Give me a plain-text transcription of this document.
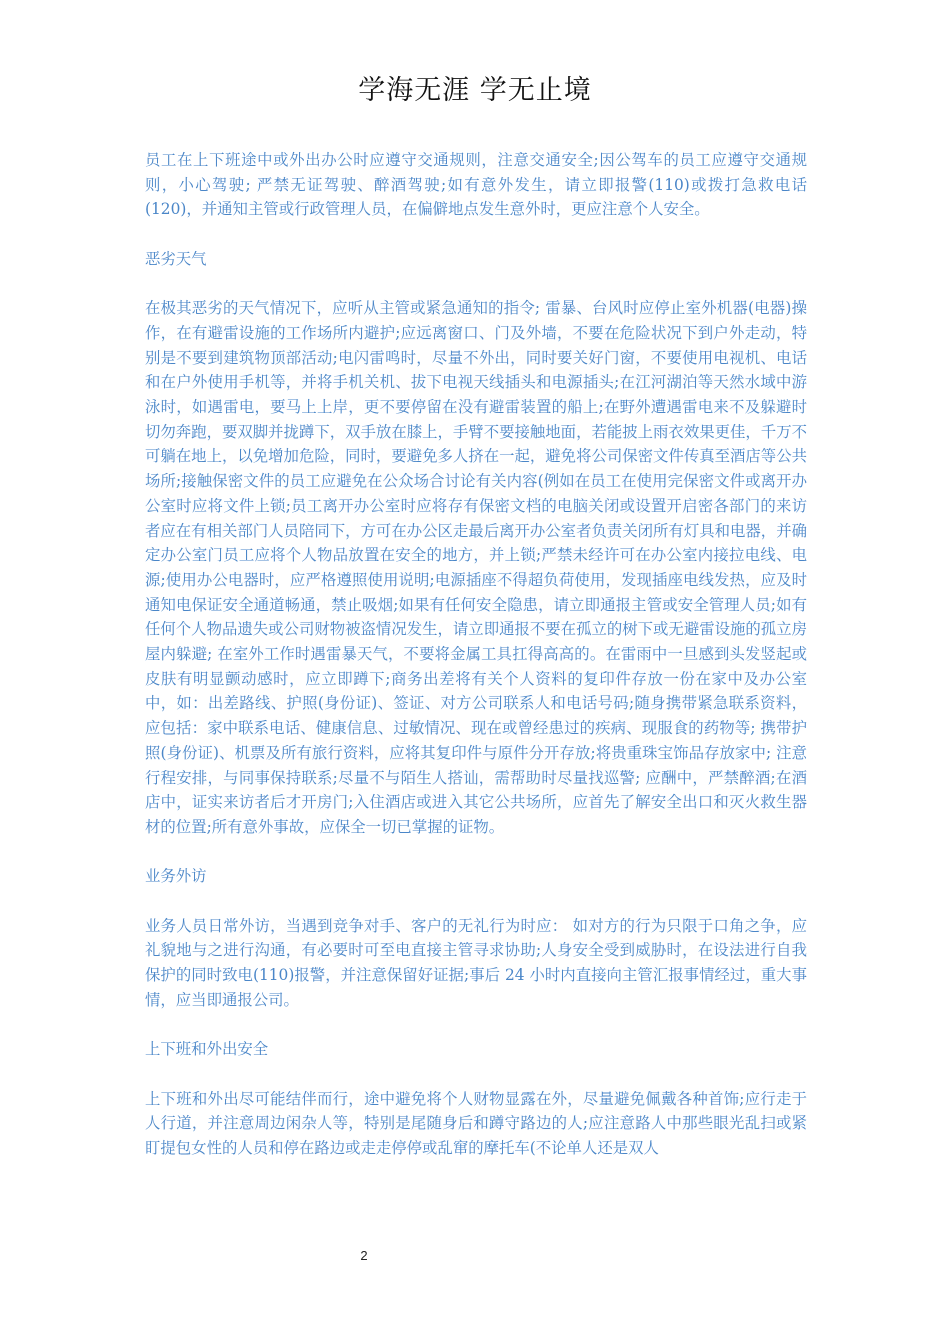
学海无涯 学无止境

员工在上下班途中或外出办公时应遵守交通规则，注意交通安全;因公驾车的员工应遵守交通规则，小心驾驶; 严禁无证驾驶、醉酒驾驶;如有意外发生，请立即报警(110)或拨打急救电话(120)，并通知主管或行政管理人员，在偏僻地点发生意外时，更应注意个人安全。

恶劣天气

在极其恶劣的天气情况下，应听从主管或紧急通知的指令; 雷暴、台风时应停止室外机器(电器)操作，在有避雷设施的工作场所内避护;应远离窗口、门及外墙，不要在危险状况下到户外走动，特别是不要到建筑物顶部活动;电闪雷鸣时，尽量不外出，同时要关好门窗，不要使用电视机、电话和在户外使用手机等，并将手机关机、拔下电视天线插头和电源插头;在江河湖泊等天然水域中游泳时，如遇雷电，要马上上岸，更不要停留在没有避雷装置的船上;在野外遭遇雷电来不及躲避时切勿奔跑，要双脚并拢蹲下，双手放在膝上，手臂不要接触地面，若能披上雨衣效果更佳，千万不可躺在地上，以免增加危险，同时，要避免多人挤在一起，避免将公司保密文件传真至酒店等公共场所;接触保密文件的员工应避免在公众场合讨论有关内容(例如在员工在使用完保密文件或离开办公室时应将文件上锁;员工离开办公室时应将存有保密文档的电脑关闭或设置开启密各部门的来访者应在有相关部门人员陪同下，方可在办公区走最后离开办公室者负责关闭所有灯具和电器，并确定办公室门员工应将个人物品放置在安全的地方，并上锁;严禁未经许可在办公室内接拉电线、电源;使用办公电器时，应严格遵照使用说明;电源插座不得超负荷使用，发现插座电线发热，应及时通知电保证安全通道畅通，禁止吸烟;如果有任何安全隐患，请立即通报主管或安全管理人员;如有任何个人物品遗失或公司财物被盗情况发生，请立即通报不要在孤立的树下或无避雷设施的孤立房屋内躲避; 在室外工作时遇雷暴天气，不要将金属工具扛得高高的。在雷雨中一旦感到头发竖起或皮肤有明显颤动感时，应立即蹲下;商务出差将有关个人资料的复印件存放一份在家中及办公室中，如：出差路线、护照(身份证)、签证、对方公司联系人和电话号码;随身携带紧急联系资料，应包括：家中联系电话、健康信息、过敏情况、现在或曾经患过的疾病、现服食的药物等; 携带护照(身份证)、机票及所有旅行资料，应将其复印件与原件分开存放;将贵重珠宝饰品存放家中; 注意行程安排，与同事保持联系;尽量不与陌生人搭讪，需帮助时尽量找巡警; 应酬中，严禁醉酒;在酒店中，证实来访者后才开房门;入住酒店或进入其它公共场所，应首先了解安全出口和灭火救生器材的位置;所有意外事故，应保全一切已掌握的证物。

业务外访

业务人员日常外访，当遇到竞争对手、客户的无礼行为时应： 如对方的行为只限于口角之争，应礼貌地与之进行沟通，有必要时可至电直接主管寻求协助;人身安全受到威胁时，在设法进行自我保护的同时致电(110)报警，并注意保留好证据;事后 24 小时内直接向主管汇报事情经过，重大事情，应当即通报公司。

上下班和外出安全

上下班和外出尽可能结伴而行，途中避免将个人财物显露在外，尽量避免佩戴各种首饰;应行走于人行道，并注意周边闲杂人等，特别是尾随身后和蹲守路边的人;应注意路人中那些眼光乱扫或紧盯提包女性的人员和停在路边或走走停停或乱窜的摩托车(不论单人还是双人

2
